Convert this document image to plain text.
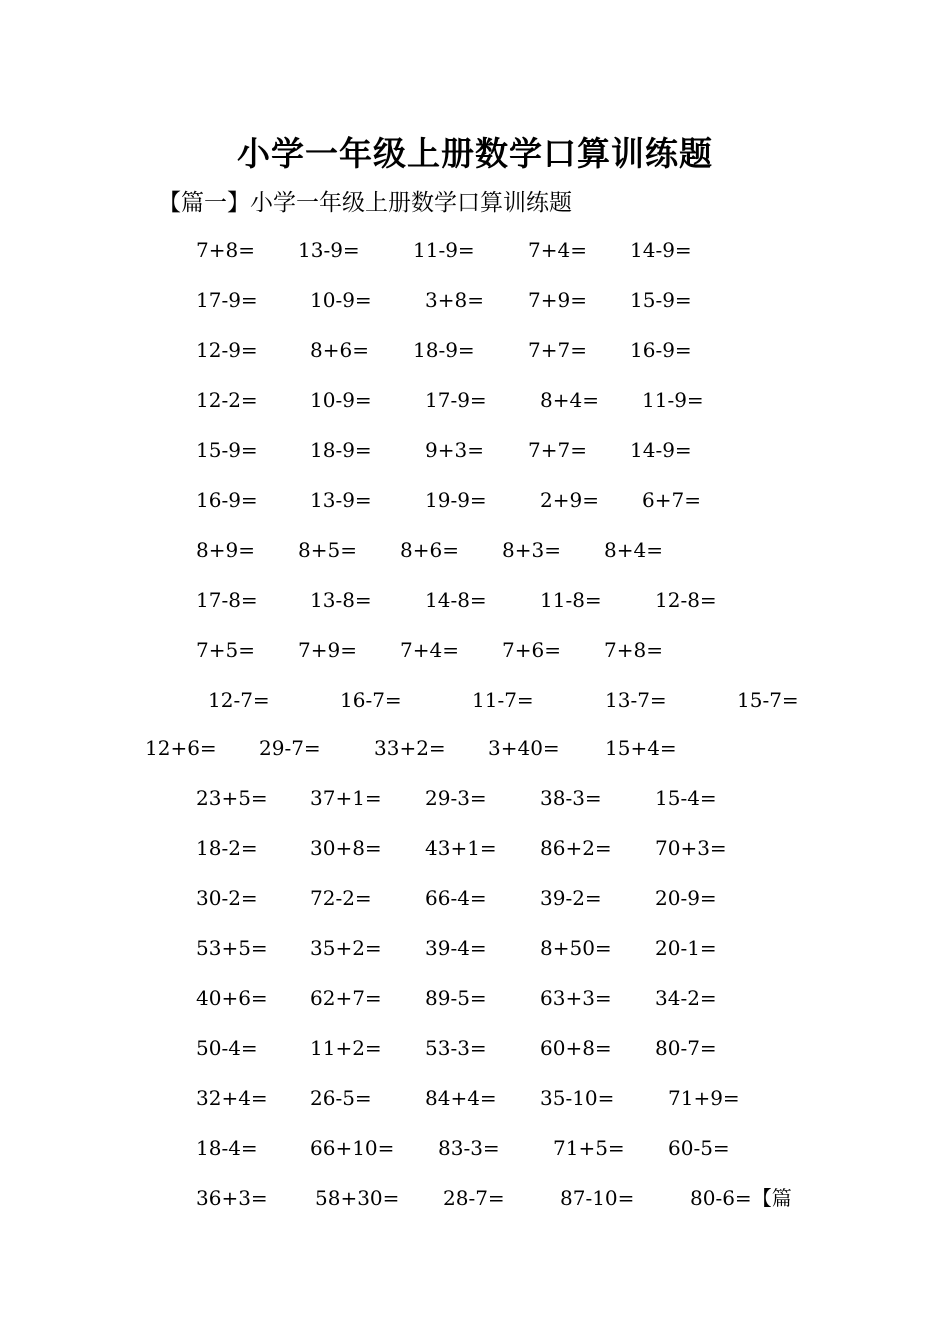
小学一年级上册数学口算训练题
【篇一】小学一年级上册数学口算训练题
7+8= 13-9=	11-9=	7+4= 14-9=
17-9=	10-9=	3+8= 7+9= 15-9=
12-9=	8+6= 18-9=	7+7= 16-9=
12-2=	10-9=	17-9=	8+4= 11-9=
15-9=	18-9=	9+3= 7+7= 14-9=
16-9=	13-9=	19-9=	2+9= 6+7=
8+9= 8+5= 8+6= 8+3= 8+4=
17-8=	13-8=	14-8=	11-8=	12-8=
7+5= 7+9= 7+4= 7+6= 7+8=
12-7=	16-7=	11-7=	13-7=	15-7=
12+6= 29-7=	33+2= 3+40= 15+4=
23+5= 37+1= 29-3=	38-3=	15-4=
18-2=	30+8= 43+1= 86+2= 70+3=
30-2=	72-2=	66-4=	39-2=	20-9=
53+5= 35+2= 39-4=	8+50= 20-1=
40+6= 62+7= 89-5=	63+3= 34-2=
50-4=	11+2= 53-3=	60+8= 80-7=
32+4= 26-5=	84+4= 35-10=	71+9=
18-4=	66+10= 83-3=	71+5= 60-5=
36+3= 58+30= 28-7=	87-10=	80-6=【篇
